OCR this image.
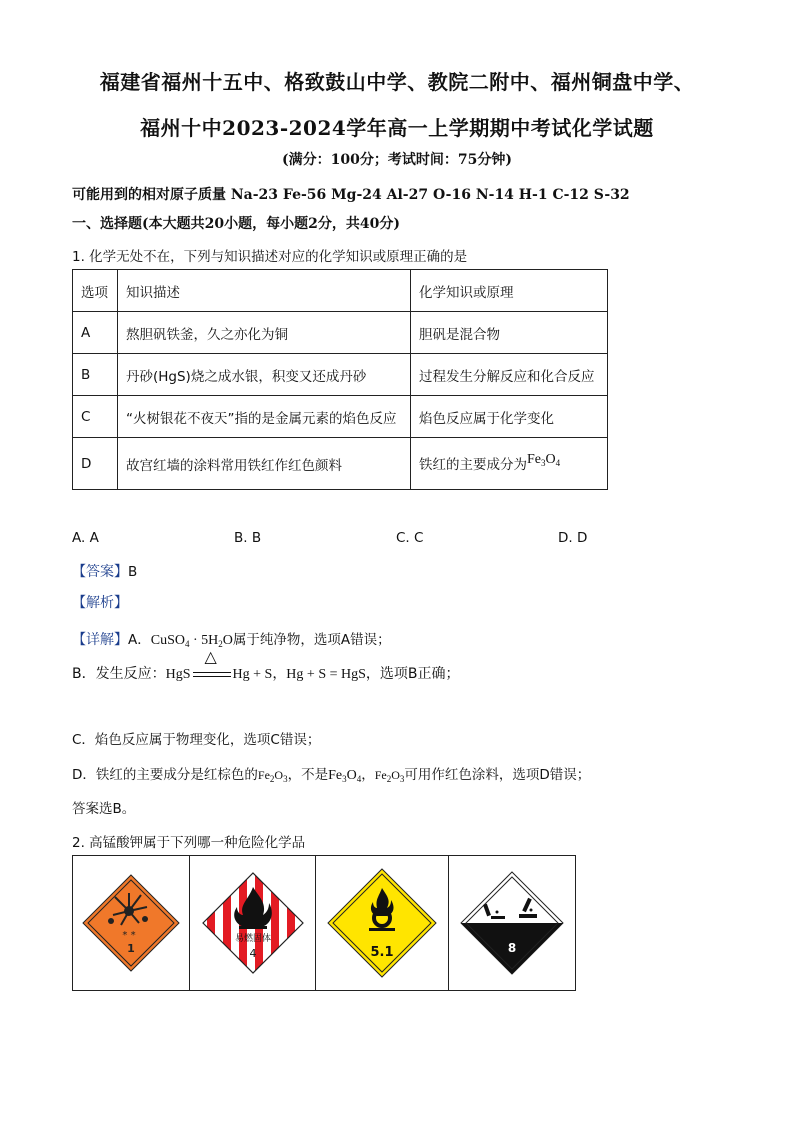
福建省福州十五中、格致鼓山中学、教院二附中、福州铜盘中学、
福州十中2023-2024学年高一上学期期中考试化学试题
(满分：100分；考试时间：75分钟)
可能用到的相对原子质量 Na-23 Fe-56 Mg-24 Al-27 O-16 N-14 H-1 C-12 S-32
一、选择题(本大题共20小题，每小题2分，共40分)
1. 化学无处不在，下列与知识描述对应的化学知识或原理正确的是
选项	知识描述	化学知识或原理
A	熬胆矾铁釜，久之亦化为铜	胆矾是混合物
B	丹砂(HgS)烧之成水银，积变又还成丹砂	过程发生分解反应和化合反应
C	“火树银花不夜天”指的是金属元素的焰色反应	焰色反应属于化学变化
D	故宫红墙的涂料常用铁红作红色颜料	铁红的主要成分为$Fe_3O_4$
A. A	B. B	C. C	D. D
【答案】B
【解析】
【详解】A．CuSO$_4$ · $5H_2O$属于纯净物，选项A错误；
B．发生反应：HgS
△
Hg + S，Hg + S = HgS，选项B正确；
C．焰色反应属于物理变化，选项C错误；
D．铁红的主要成分是红棕色的$Fe_2O_3$，不是$Fe_3O_4$，$Fe_2O_3$可用作红色涂料，选项D错误；
答案选B。
2. 高锰酸钾属于下列哪一种危险化学品
* *
1
易燃固体
4	5.1	8
